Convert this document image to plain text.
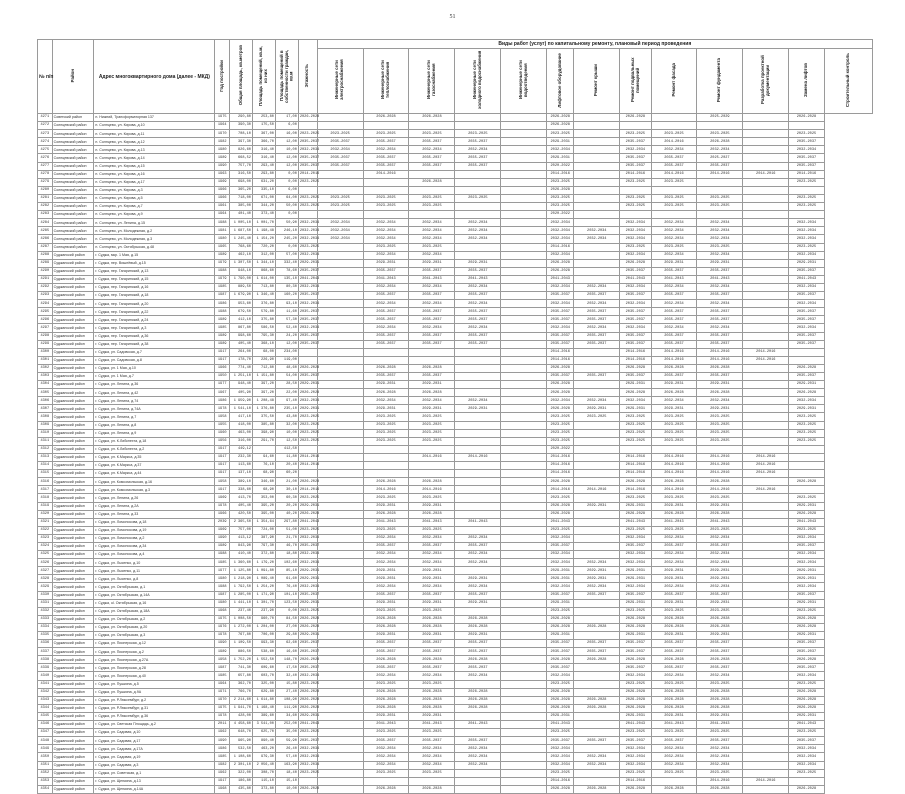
51
№ п/п	Район	Адрес многоквартирного дома (далее - МКД)	Год постройки	Общая площадь, кв.метров	Площадь помещений, кв.м, из них	Площадь помещений в собственности граждан, кв.м	Этажность	Виды работ (услуг) по капитальному ремонту, плановый период проведения												
								Инженерные сети электроснабжения	Инженерные сети теплоснабжения	Инженерные сети газоснабжения	Инженерные сети холодного водоснабжения	Инженерные сети водоотведения	Лифтовое оборудование	Ремонт крыши	Ремонт подвальных помещений	Ремонт фасада	Ремонт фундамента	Разработка проектной документации	Замена лифтов	Строительный контроль
4271	Советский район	п. Нижний, Трансформаторная 137	1975	290,80	253,80	17,00	2026-2028		2026-2028	2026-2028			2026-2028		2026-2028		2025-2029		2026-2028	
4272	Солнцевский район	п. Солнцево, ул. Кирова, д.10	1964	390,30	175,50	6,00							2026-2028							
4273	Солнцевский район	п. Солнцево, ул. Кирова, д.11	1970	708,10	367,00	16,00	2023-2025	2023-2025	2023-2025	2023-2025	2023-2025		2023-2025		2023-2025	2023-2025	2023-2025		2023-2025	
4274	Солнцевский район	п. Солнцево, ул. Кирова, д.12	1982	397,30	366,70	12,00	2035-2037	2035-2037	2035-2037	2035-2037	2035-2037		2029-2031		2035-2037	2014-2016	2026-2028		2035-2037	
4275	Солнцевский район	п. Солнцево, ул. Кирова, д.13	1980	826,60	316,40	10,00	2032-2034	2032-2034	2032-2034	2032-2034	2032-2034		2032-2034		2032-2034	2032-2034	2032-2034		2032-2034	
4276	Солнцевский район	п. Солнцево, ул. Кирова, д.14	1989	668,52	316,40	12,00	2035-2037	2035-2037	2035-2037	2035-2037	2035-2037		2029-2031		2035-2037	2035-2037	2025-2027		2035-2037	
4277	Солнцевский район	п. Солнцево, ул. Кирова, д.15	1990	757,70	293,40	12,00	2035-2037	2035-2037	2035-2037	2035-2037	2035-2037		2020-2022		2035-2037	2035-2037	2035-2037		2035-2037	
4278	Солнцевский район	п. Солнцево, ул. Кирова, д.16	1963	316,50	293,80	0,00	2014-2016		2014-2016				2014-2016		2014-2016	2014-2016	2014-2016	2014-2016	2014-2016	
4279	Солнцевский район	п. Солнцево, ул. Кирова, д.17	1969	698,00	631,20	0,00	2023-2025			2026-2028			2023-2025		2023-2025	2023-2025			2023-2025	
4280	Солнцевский район	п. Солнцево, ул. Кирова, д.3	1966	365,20	335,10	6,00							2026-2028							
4281	Солнцевский район	п. Солнцево, ул. Кирова, д.5	1966	718,00	671,00	64,00	2023-2025	2023-2025	2023-2025	2023-2025	2023-2025		2023-2025		2023-2025	2023-2025	2023-2025		2023-2025	
4282	Солнцевский район	п. Солнцево, ул. Кирова, д.7	1961	385,00	344,20	50,00	2023-2025	2023-2025	2023-2025	2023-2025			2023-2025		2023-2025	2023-2025	2023-2025		2023-2025	
4283	Солнцевский район	п. Солнцево, ул. Кирова, д.9	1964	401,40	373,40	0,00							2020-2022							
4284	Солнцевский район	п. Солнцево, ул. Ленина, д.15	1988	1 005,10	1 001,70	50,90	2032-2034	2032-2034	2032-2034	2032-2034	2032-2034		2032-2034		2032-2034	2032-2034	2032-2034		2032-2034	
4285	Солнцевский район	п. Солнцево, ул. Молодежная, д.2	1981	1 687,50	1 198,48	246,10	2032-2034	2032-2034	2032-2034	2032-2034	2032-2034		2032-2034	2032-2034	2032-2034	2032-2034	2032-2034		2032-2034	
4286	Солнцевский район	п. Солнцево, ул. Молодежная, д.3	1980	1 245,40	1 154,20	245,20	2032-2034	2032-2034	2032-2034	2032-2034	2032-2034		2032-2034	2032-2034	2032-2034	2032-2034	2032-2034		2032-2034	
4287	Солнцевский район	п. Солнцево, ул. Октябрьская, д.48	1965	768,60	720,20	0,00	2023-2025		2023-2025	2023-2025			2014-2016		2023-2025	2023-2025	2023-2025		2023-2025	
4288	Суджанский район	г. Суджа, мкр. 1 Мая, д.15	1989	462,10	312,00	57,00	2032-2034		2032-2034	2032-2034			2032-2034		2032-2034	2032-2034	2032-2034		2032-2034	
4289	Суджанский район	г. Суджа, пер. Вишнёвый, д.15	1979	1 307,50	1 344,10	332,40	2029-2031		2029-2031	2029-2031	2029-2031		2026-2028		2026-2028	2029-2031	2029-2031		2029-2031	
4290	Суджанский район	г. Суджа, пер. Гагаринский, д.13	1988	948,10	868,60	78,60	2035-2037		2035-2037	2035-2037	2035-2037		2026-2028		2035-2037	2035-2037	2035-2037		2035-2037	
4291	Суджанский район	г. Суджа, пер. Гагаринский, д.15	1979	1 790,00	1 614,00	135,10	2041-2043		2041-2043	2041-2043	2041-2043		2041-2043		2041-2043	2041-2043	2041-2043		2041-2043	
4292	Суджанский район	г. Суджа, пер. Гагаринский, д.16	1985	889,50	713,80	80,30	2032-2034		2032-2034	2032-2034	2032-2034		2032-2034	2032-2034	2032-2034	2032-2034	2032-2034		2032-2034	
4293	Суджанский район	г. Суджа, пер. Гагаринский, д.18	1987	1 679,90	1 346,40	160,20	2035-2037		2035-2037	2035-2037	2035-2037		2035-2037	2035-2037	2035-2037	2035-2037	2035-2037		2035-2037	
4294	Суджанский район	г. Суджа, пер. Гагаринский, д.20	1986	953,60	376,80	93,10	2032-2034		2032-2034	2032-2034	2032-2034		2032-2034	2032-2034	2032-2034	2032-2034	2032-2034		2032-2034	
4295	Суджанский район	г. Суджа, пер. Гагаринский, д.22	1988	679,50	579,80	11,60	2035-2037		2035-2037	2035-2037	2035-2037		2035-2037	2035-2037	2035-2037	2035-2037	2035-2037		2035-2037	
4296	Суджанский район	г. Суджа, пер. Гагаринский, д.24	1989	412,10	375,80	57,30	2035-2037		2035-2037	2035-2037	2035-2037		2035-2037	2035-2037	2035-2037	2035-2037	2035-2037		2035-2037	
4297	Суджанский район	г. Суджа, пер. Гагаринский, д.3	1985	867,80	586,50	52,40	2032-2034		2032-2034	2032-2034	2032-2034		2032-2034	2032-2034	2032-2034	2032-2034	2032-2034		2032-2034	
4298	Суджанский район	г. Суджа, пер. Гагаринский, д.36	1989	998,60	795,30	24,20	2035-2037		2035-2037	2035-2037	2035-2037		2035-2037	2035-2037	2035-2037	2035-2037	2035-2037		2035-2037	
4299	Суджанский район	г. Суджа, пер. Гагаринский, д.38	1989	405,40	368,10	12,00	2035-2037		2035-2037	2035-2037	2035-2037		2035-2037	2035-2037	2035-2037	2035-2037	2035-2037		2035-2037	
4300	Суджанский район	г. Суджа, ул. Садовская, д.7	1917	264,00	68,00	234,00							2014-2016		2014-2016	2014-2016	2014-2016	2014-2016		
4301	Суджанский район	г. Суджа, ул. Садовская, д.8	1917	178,70	226,90	119,00							2014-2016		2014-2016	2014-2016	2014-2016	2014-2016		
4302	Суджанский район	г. Суджа, ул. 1 Мая, д.10	1966	774,40	712,80	48,60	2026-2028		2026-2028	2026-2028			2026-2028		2026-2028	2026-2028	2026-2028		2026-2028	
4303	Суджанский район	г. Суджа, ул. 1 Мая, д.7	1950	1 251,10	1 151,80	54,00	2035-2037		2035-2037	2035-2037			2035-2037	2035-2037	2035-2037	2035-2037	2035-2037		2035-2037	
4304	Суджанский район	г. Суджа, ул. Ленина, д.36	1977	948,40	397,20	28,50	2029-2031		2029-2031	2029-2031			2026-2028		2029-2031	2029-2031	2029-2031		2029-2031	
4305	Суджанский район	г. Суджа, ул. Ленина, д.42	1967	405,90	397,20	22,00	2026-2028		2026-2028	2026-2028			2026-2028		2026-2028	2026-2028	2026-2028		2026-2028	
4306	Суджанский район	г. Суджа, ул. Ленина, д.74	1986	1 959,90	1 208,48	97,40	2032-2034		2032-2034	2032-2034	2032-2034		2032-2034	2032-2034	2032-2034	2032-2034	2032-2034		2032-2034	
4307	Суджанский район	г. Суджа, ул. Ленина, д.74А	1978	1 541,10	1 376,80	235,10	2029-2031		2029-2031	2029-2031	2029-2031		2026-2028	2029-2031	2029-2031	2029-2031	2029-2031		2029-2031	
4308	Суджанский район	г. Суджа, ул. Ленина, д.7	1958	417,10	375,50	43,80	2023-2025		2023-2025	2023-2025			2023-2025	2023-2025	2023-2025	2023-2025	2023-2025		2023-2025	
4309	Суджанский район	г. Суджа, ул. Ленина, д.8	1955	418,00	385,80	32,00	2023-2025		2023-2025	2023-2025			2023-2025		2023-2025	2023-2025	2023-2025		2023-2025	
4310	Суджанский район	г. Суджа, ул. Ленина, д.9	1960	463,00	398,90	10,00	2023-2025		2023-2025	2023-2025			2023-2025		2023-2025	2023-2025	2023-2025		2023-2025	
4311	Суджанский район	г. Суджа, ул. К.Либкнехта, д.18	1956	316,00	291,70	12,50	2023-2025		2023-2025	2023-2025			2023-2025		2023-2025	2023-2025	2023-2025		2023-2025	
4312	Суджанский район	г. Суджа, ул. К.Либкнехта, д.2	1917	449,12		412,50							2020-2022							
4313	Суджанский район	г. Суджа, ул. К.Маркса, д.35	1917	232,30	94,60	11,80	2014-2016			2014-2016	2014-2016		2014-2016		2014-2016	2014-2016	2014-2016	2014-2016		
4314	Суджанский район	г. Суджа, ул. К.Маркса, д.37	1917	113,60	76,10	20,40	2014-2016						2014-2016		2014-2016	2014-2016	2014-2016	2014-2016		
4315	Суджанский район	г. Суджа, ул. К.Маркса, д.44	1917	137,10	68,90	60,20							2014-2016		2014-2016	2014-2016	2014-2016	2014-2016		
4316	Суджанский район	г. Суджа, ул. Комсомольская, д.16	1958	389,10	346,60	21,00	2026-2028		2026-2028	2026-2028			2026-2028		2026-2028	2026-2028	2026-2028		2026-2028	
4317	Суджанский район	г. Суджа, ул. Комсомольская, д.3	1917	338,60	68,90	30,10	2014-2016		2014-2016	2014-2016			2014-2016	2014-2016	2014-2016	2014-2016	2014-2016	2014-2016		
4318	Суджанский район	г. Суджа, ул. Ленина, д.26	1969	413,70	353,00	60,30	2023-2025		2023-2025	2023-2025			2023-2025		2023-2025	2023-2025	2023-2025		2023-2025	
4319	Суджанский район	г. Суджа, ул. Ленина, д.2А	1978	405,40	395,20	20,20	2029-2031		2029-2031	2029-2031			2026-2028	2029-2031	2029-2031	2029-2031	2029-2031		2029-2031	
4320	Суджанский район	г. Суджа, ул. Ленина, д.33	1966	420,50	395,00	40,20	2026-2028		2026-2028	2026-2028			2026-2028		2026-2028	2026-2028	2026-2028		2026-2028	
4321	Суджанский район	г. Суджа, ул. Ломоносова, д.18	2039	2 365,50	1 354,64	297,80	2041-2043		2041-2043	2041-2043	2041-2043		2041-2043		2041-2043	2041-2043	2041-2043		2041-2043	
4322	Суджанский район	г. Суджа, ул. Ломоносова, д.19	1969	757,00	724,00	51,00	2023-2025		2023-2025	2023-2025			2023-2025		2023-2025	2023-2025	2023-2025		2023-2025	
4323	Суджанский район	г. Суджа, ул. Ломоносова, д.2	1990	413,12	387,90	21,70	2032-2034		2032-2034	2032-2034	2032-2034		2032-2034		2032-2034	2032-2034	2032-2034		2032-2034	
4324	Суджанский район	г. Суджа, ул. Ломоносова, д.34	1989	843,90	797,30	46,70	2035-2037		2035-2037	2035-2037	2035-2037		2035-2037		2035-2037	2035-2037	2035-2037		2035-2037	
4325	Суджанский район	г. Суджа, ул. Ломоносова, д.4	1988	410,40	372,80	18,80	2032-2034		2032-2034	2032-2034	2032-2034		2032-2034		2032-2034	2032-2034	2032-2034		2032-2034	
4326	Суджанский район	г. Суджа, ул. Лысенко, д.10	1985	1 360,60	1 179,20	102,60	2032-2034		2032-2034	2032-2034	2032-2034		2032-2034	2032-2034	2032-2034	2032-2034	2032-2034		2032-2034	
4327	Суджанский район	г. Суджа, ул. Лысенко, д.11	1977	1 125,80	1 091,80	85,10	2029-2031		2029-2031	2029-2031			2029-2031	2029-2031	2029-2031	2029-2031	2029-2031		2029-2031	
4328	Суджанский район	г. Суджа, ул. Лысенко, д.8	1980	1 218,90	1 089,40	61,60	2029-2031		2029-2031	2029-2031	2029-2031		2029-2031	2029-2031	2029-2031	2029-2031	2029-2031		2029-2031	
4329	Суджанский район	г. Суджа, ул. Октябрьская, д.1	1988	1 792,50	1 254,20	76,40	2032-2034		2032-2034	2032-2034	2032-2034		2032-2034	2032-2034	2032-2034	2032-2034	2032-2034		2032-2034	
4330	Суджанский район	г. Суджа, ул. Октябрьская, д.14А	1987	1 285,00	1 171,90	101,10	2035-2037		2035-2037	2035-2037	2035-2037		2035-2037	2035-2037	2035-2037	2035-2037	2035-2037		2035-2037	
4331	Суджанский район	г. Суджа, ul. Октябрьская, д.16	1980	1 441,10	1 301,70	123,50	2029-2031		2029-2031	2029-2031	2029-2031		2029-2031		2029-2031	2029-2031	2029-2031		2029-2031	
4332	Суджанский район	г. Суджа, ул. Октябрьская, д.18А	1968	237,40	237,90	0,00	2023-2025		2023-2025	2023-2025			2023-2025		2023-2025	2023-2025	2023-2025		2023-2025	
4333	Суджанский район	г. Суджа, ул. Октябрьская, д.2	1975	1 008,50	960,70	84,50	2026-2028		2026-2028	2026-2028	2026-2028		2026-2028		2026-2028	2026-2028	2026-2028		2026-2028	
4334	Суджанский район	г. Суджа, ул. Октябрьская, д.20	1976	1 272,00	1 204,00	27,00	2026-2028		2026-2028	2026-2028	2026-2028		2026-2028	2026-2028	2026-2028	2026-2028	2026-2028		2026-2028	
4335	Суджанский район	г. Суджа, ул. Октябрьская, д.3	1978	767,80	706,00	29,80	2029-2031		2029-2031	2029-2031	2029-2031		2029-2031		2029-2031	2029-2031	2029-2031		2029-2031	
4336	Суджанский район	г. Суджа, ул. Пионерская, д.12	1990	1 109,50	993,30	62,60	2035-2037		2035-2037	2035-2037	2035-2037		2035-2037	2035-2037	2035-2037	2035-2037	2035-2037		2035-2037	
4337	Суджанский район	г. Суджа, ул. Пионерская, д.2	1989	886,50	538,60	16,60	2035-2037		2035-2037	2035-2037	2035-2037		2035-2037	2035-2037	2035-2037	2035-2037	2035-2037		2035-2037	
4338	Суджанский район	г. Суджа, ул. Пионерская, д.27А	1958	1 752,20	1 552,50	148,70	2026-2028		2026-2028	2026-2028	2026-2028		2026-2028	2026-2028	2026-2028	2026-2028	2026-2028		2026-2028	
4339	Суджанский район	г. Суджа, ул. Пионерская, д.28	1987	741,30	609,60	17,50	2035-2037		2035-2037	2035-2037	2035-2037		2035-2037		2035-2037	2035-2037	2035-2037		2035-2037	
4340	Суджанский район	г. Суджа, ул. Пионерская, д.40	1985	657,80	603,70	32,40	2032-2034		2032-2034	2032-2034	2032-2034		2032-2034		2032-2034	2032-2034	2032-2034		2032-2034	
4341	Суджанский район	г. Суджа, ул. Пушкина, д.5	1964	362,70	325,00	15,80	2023-2025		2023-2025	2023-2025			2023-2025		2023-2025	2023-2025	2023-2025		2023-2025	
4342	Суджанский район	г. Суджа, ул. Пушкина, д.9А	1971	766,70	629,80	27,40	2026-2028		2026-2028	2026-2028	2026-2028		2026-2028		2026-2028	2026-2028	2026-2028		2026-2028	
4343	Суджанский район	г. Суджа, ул. Р.Люксембург, д.2	1970	2 214,60	1 614,80	108,90	2026-2028		2026-2028	2026-2028	2026-2028		2026-2028	2026-2028	2026-2028	2026-2028	2026-2028		2026-2028	
4344	Суджанский район	г. Суджа, ул. Р.Люксембург, д.31	1975	1 941,70	1 168,40	111,90	2026-2028		2026-2028	2026-2028	2026-2028		2026-2028	2026-2028	2026-2028	2026-2028	2026-2028		2026-2028	
4345	Суджанский район	г. Суджа, ул. Р.Люксембург, д.36	1978	428,00	389,60	34,60	2029-2031		2029-2031	2029-2031			2029-2031		2029-2031	2029-2031	2029-2031		2029-2031	
4346	Суджанский район	г. Суджа, ул. Светская Площадь, д.2	2011	4 458,60	3 541,00	252,00	2041-2043		2041-2043	2041-2043	2041-2043		2041-2043		2041-2043	2041-2043	2041-2043		2041-2043	
4347	Суджанский район	г. Суджа, ул. Садовая, д.10	1962	648,70	625,70	35,00	2023-2025		2023-2025	2023-2025			2023-2025		2023-2025	2023-2025	2023-2025		2023-2025	
4348	Суджанский район	г. Суджа, ул. Садовая, д.17	1990	965,90	890,40	59,90	2035-2037		2035-2037	2035-2037	2035-2037		2035-2037	2035-2037	2035-2037	2035-2037	2035-2037		2035-2037	
4349	Суджанский район	г. Суджа, ул. Садовая, д.17А	1986	532,50	463,20	26,40	2032-2034		2032-2034	2032-2034	2032-2034		2032-2034		2032-2034	2032-2034	2032-2034		2032-2034	
4350	Суджанский район	г. Суджа, ул. Садовая, д.19	1985	1 108,60	979,30	57,40	2032-2034		2032-2034	2032-2034	2032-2034		2032-2034	2032-2034	2032-2034	2032-2034	2032-2034		2032-2034	
4351	Суджанский район	г. Суджа, ул. Садовая, д.3	1982	2 301,10	2 056,40	163,90	2032-2034		2032-2034	2032-2034	2032-2034		2032-2034	2032-2034	2032-2034	2032-2034	2032-2034		2032-2034	
4352	Суджанский район	г. Суджа, ул. Советская, д.1	1962	322,00	308,70	18,40	2023-2025		2023-2025	2023-2025			2023-2025		2023-2025	2023-2025	2023-2025		2023-2025	
4353	Суджанский район	г. Суджа, ул. Щепкина, д.13	1917	186,80	115,10	15,10							2014-2016		2014-2016		2014-2016	2014-2016		
4354	Суджанский район	г. Суджа, ул. Щепкина, д.14А	1968	435,80	373,80	10,00	2026-2028		2026-2028	2026-2028			2026-2028	2026-2028	2026-2028	2026-2028	2026-2028		2026-2028	
